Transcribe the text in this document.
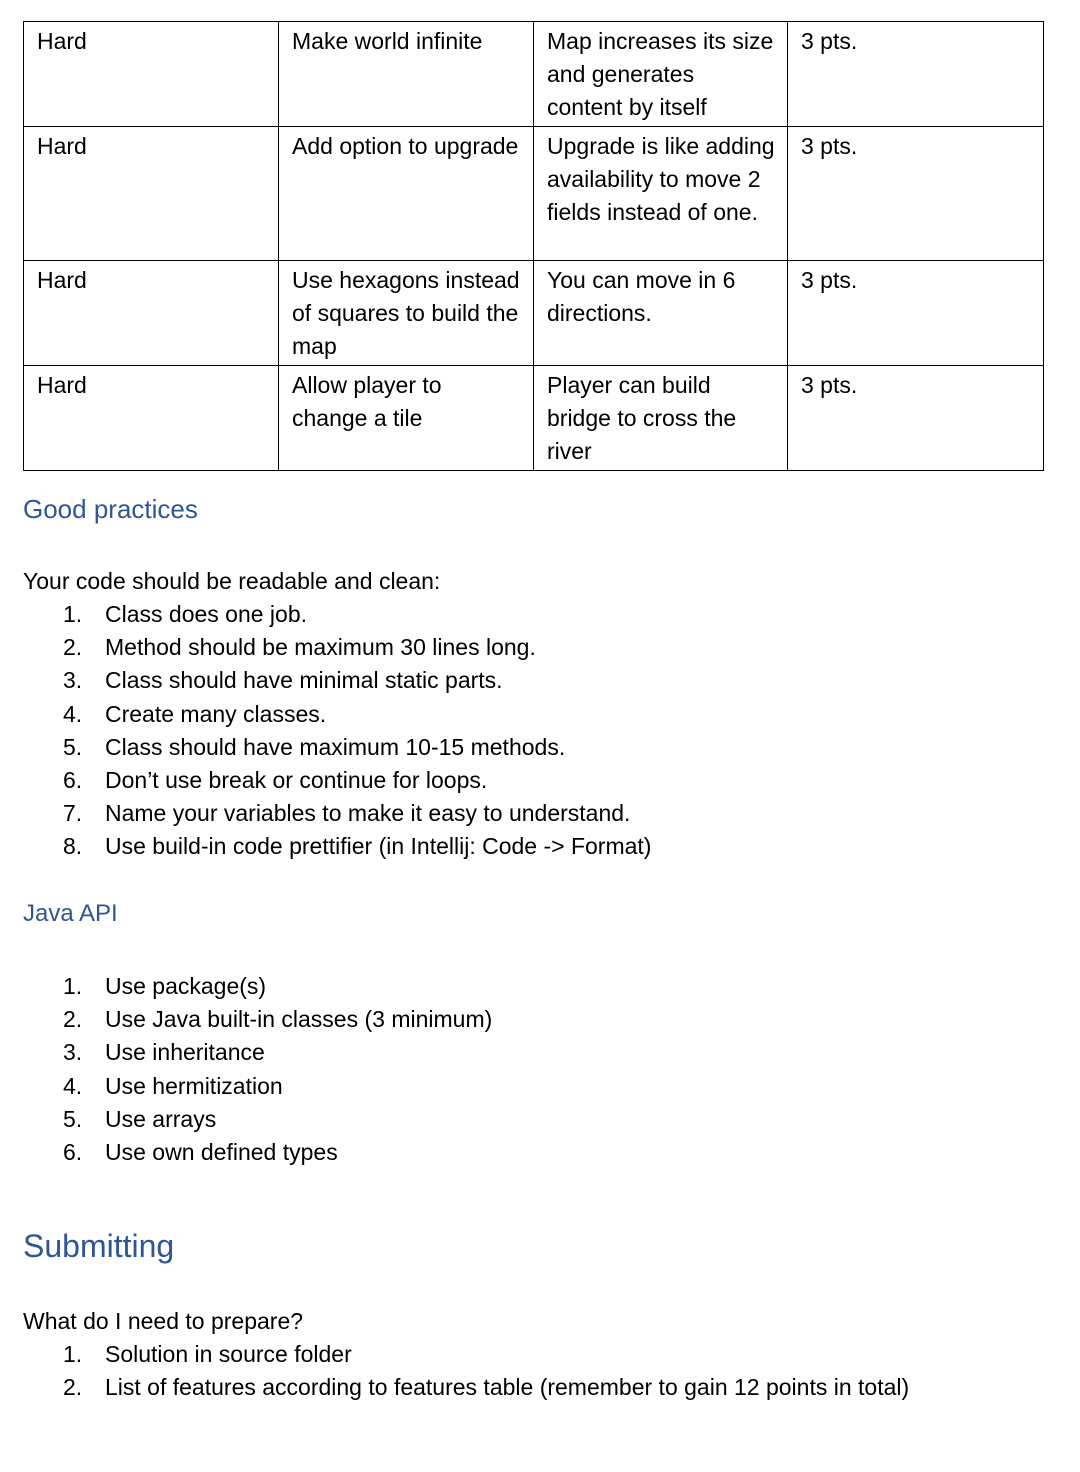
Hard	Make world infinite	Map increases its size and generates content by itself	3 pts.
Hard	Add option to upgrade	Upgrade is like adding availability to move 2 fields instead of one.	3 pts.
Hard	Use hexagons instead of squares to build the map	You can move in 6 directions.	3 pts.
Hard	Allow player to change a tile	Player can build bridge to cross the river	3 pts.
Good practices
Your code should be readable and clean:
1. Class does one job.
2. Method should be maximum 30 lines long.
3. Class should have minimal static parts.
4. Create many classes.
5. Class should have maximum 10-15 methods.
6. Don’t use break or continue for loops.
7. Name your variables to make it easy to understand.
8. Use build-in code prettifier (in Intellij: Code -> Format)
Java API
1. Use package(s)
2. Use Java built-in classes (3 minimum)
3. Use inheritance
4. Use hermitization
5. Use arrays
6. Use own defined types
Submitting
What do I need to prepare?
1. Solution in source folder
2. List of features according to features table (remember to gain 12 points in total)
